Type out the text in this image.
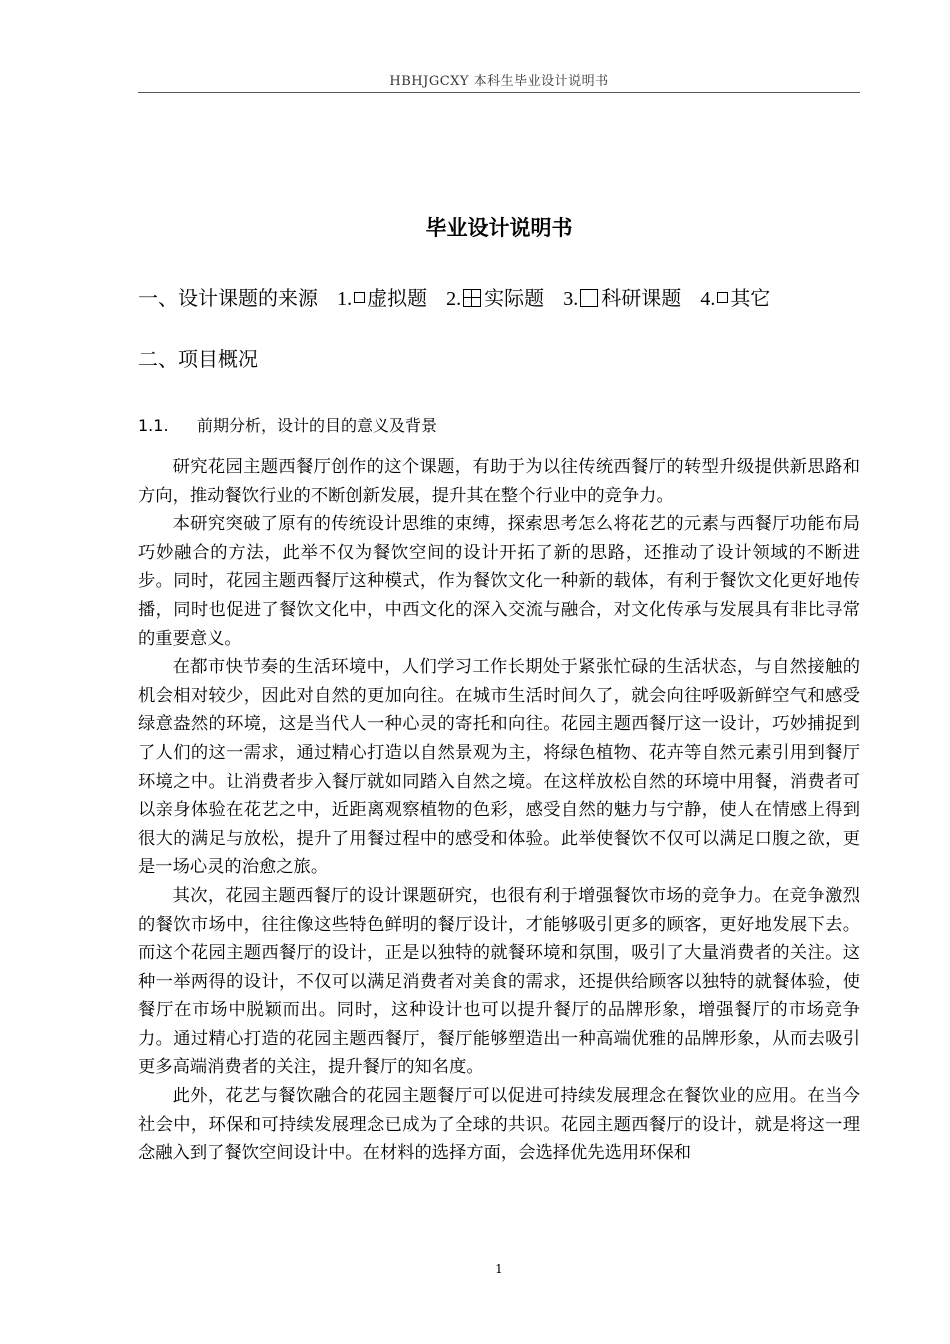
HBHJGCXY 本科生毕业设计说明书
毕业设计说明书
一、设计课题的来源 1. 虚拟题 2. 实际题 3. 科研课题 4. 其它
二、项目概况
1.1. 前期分析，设计的目的意义及背景

研究花园主题西餐厅创作的这个课题，有助于为以往传统西餐厅的转型升级提供新思路和方向，推动餐饮行业的不断创新发展，提升其在整个行业中的竞争力。

本研究突破了原有的传统设计思维的束缚，探索思考怎么将花艺的元素与西餐厅功能布局巧妙融合的方法，此举不仅为餐饮空间的设计开拓了新的思路，还推动了设计领域的不断进步。同时，花园主题西餐厅这种模式，作为餐饮文化一种新的载体，有利于餐饮文化更好地传播，同时也促进了餐饮文化中，中西文化的深入交流与融合，对文化传承与发展具有非比寻常的重要意义。

在都市快节奏的生活环境中，人们学习工作长期处于紧张忙碌的生活状态，与自然接触的机会相对较少，因此对自然的更加向往。在城市生活时间久了，就会向往呼吸新鲜空气和感受绿意盎然的环境，这是当代人一种心灵的寄托和向往。花园主题西餐厅这一设计，巧妙捕捉到了人们的这一需求，通过精心打造以自然景观为主，将绿色植物、花卉等自然元素引用到餐厅环境之中。让消费者步入餐厅就如同踏入自然之境。在这样放松自然的环境中用餐，消费者可以亲身体验在花艺之中，近距离观察植物的色彩，感受自然的魅力与宁静，使人在情感上得到很大的满足与放松，提升了用餐过程中的感受和体验。此举使餐饮不仅可以满足口腹之欲，更是一场心灵的治愈之旅。

其次，花园主题西餐厅的设计课题研究，也很有利于增强餐饮市场的竞争力。在竞争激烈的餐饮市场中，往往像这些特色鲜明的餐厅设计，才能够吸引更多的顾客，更好地发展下去。而这个花园主题西餐厅的设计，正是以独特的就餐环境和氛围，吸引了大量消费者的关注。这种一举两得的设计，不仅可以满足消费者对美食的需求，还提供给顾客以独特的就餐体验，使餐厅在市场中脱颖而出。同时，这种设计也可以提升餐厅的品牌形象，增强餐厅的市场竞争力。通过精心打造的花园主题西餐厅，餐厅能够塑造出一种高端优雅的品牌形象，从而去吸引更多高端消费者的关注，提升餐厅的知名度。

此外，花艺与餐饮融合的花园主题餐厅可以促进可持续发展理念在餐饮业的应用。在当今社会中，环保和可持续发展理念已成为了全球的共识。花园主题西餐厅的设计，就是将这一理念融入到了餐饮空间设计中。在材料的选择方面，会选择优先选用环保和

1
